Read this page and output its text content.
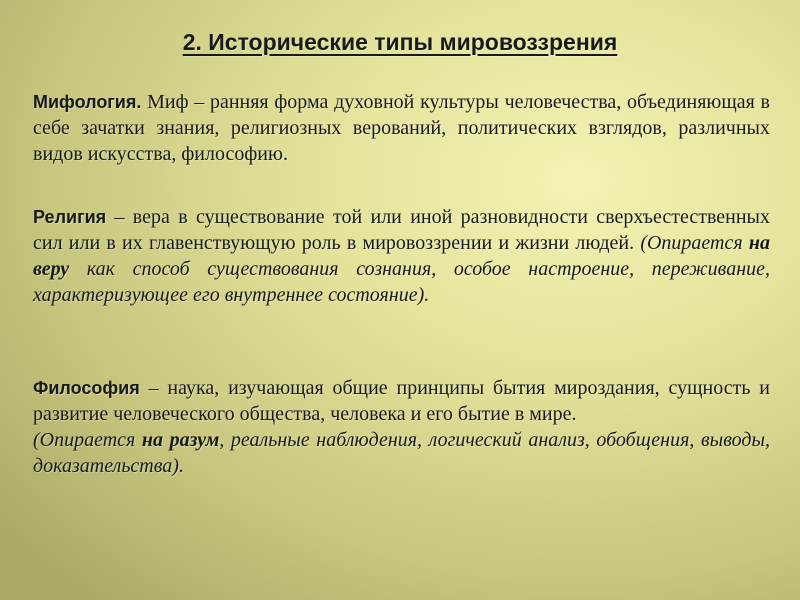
2. Исторические типы мировоззрения
Мифология. Миф – ранняя форма духовной культуры человечества, объединяющая в себе зачатки знания, религиозных верований, политических взглядов, различных видов искусства, философию.
Религия – вера в существование той или иной разновидности сверхъестественных сил или в их главенствующую роль в мировоззрении и жизни людей. (Опирается на веру как способ существования сознания, особое настроение, переживание, характеризующее его внутреннее состояние).
Философия – наука, изучающая общие принципы бытия мироздания, сущность и развитие человеческого общества, человека и его бытие в мире.
(Опирается на разум, реальные наблюдения, логический анализ, обобщения, выводы, доказательства).
